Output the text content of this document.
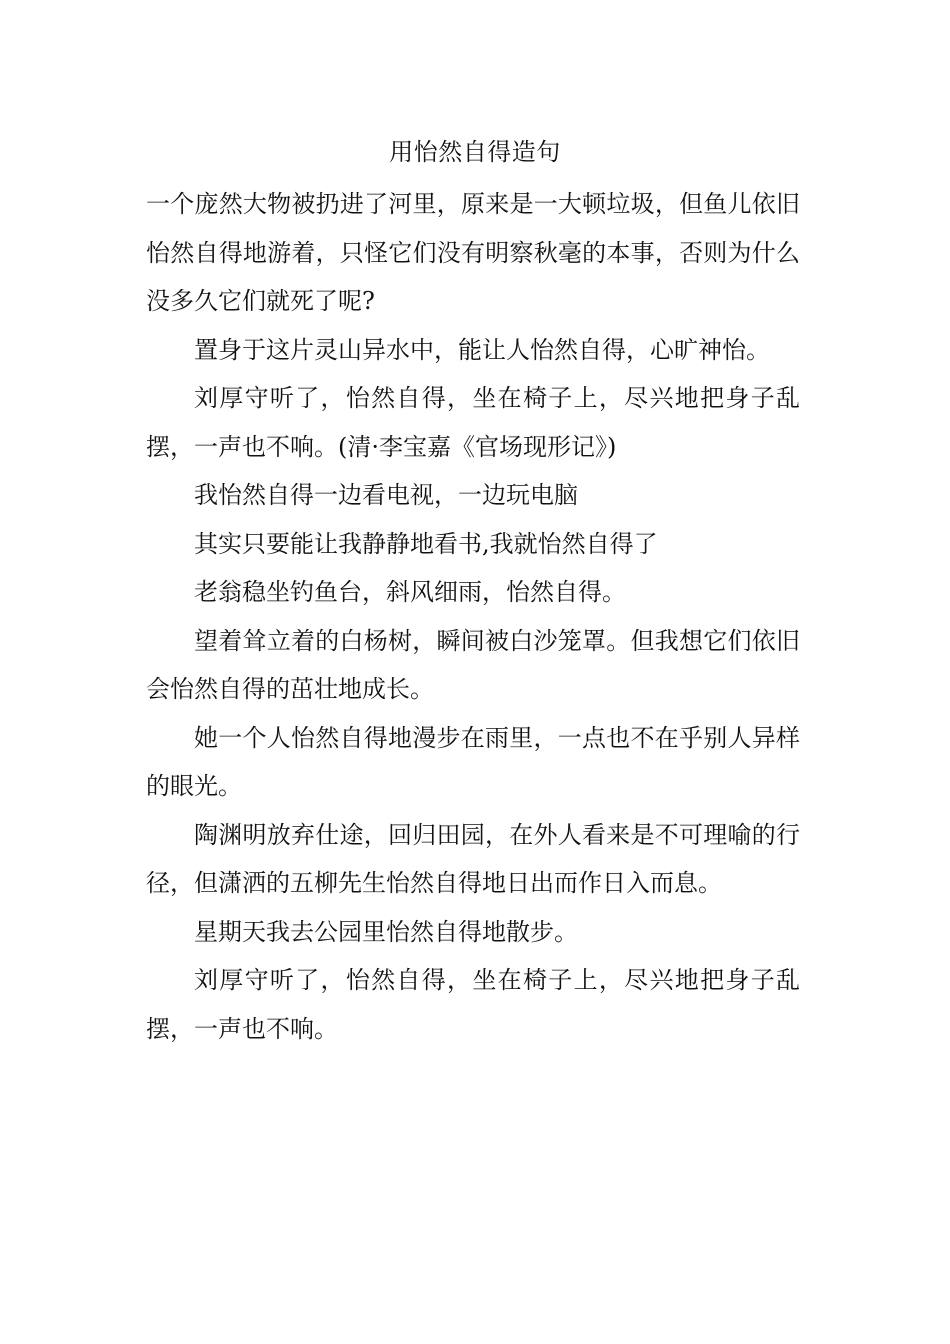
用怡然自得造句

一个庞然大物被扔进了河里，原来是一大顿垃圾，但鱼儿依旧怡然自得地游着，只怪它们没有明察秋毫的本事，否则为什么没多久它们就死了呢?

置身于这片灵山异水中，能让人怡然自得，心旷神怡。

刘厚守听了，怡然自得，坐在椅子上，尽兴地把身子乱摆，一声也不响。(清·李宝嘉《官场现形记》)

我怡然自得一边看电视，一边玩电脑

其实只要能让我静静地看书,我就怡然自得了

老翁稳坐钓鱼台，斜风细雨，怡然自得。

望着耸立着的白杨树，瞬间被白沙笼罩。但我想它们依旧会怡然自得的茁壮地成长。

她一个人怡然自得地漫步在雨里，一点也不在乎别人异样的眼光。

陶渊明放弃仕途，回归田园，在外人看来是不可理喻的行径，但潇洒的五柳先生怡然自得地日出而作日入而息。

星期天我去公园里怡然自得地散步。

刘厚守听了，怡然自得，坐在椅子上，尽兴地把身子乱摆，一声也不响。
